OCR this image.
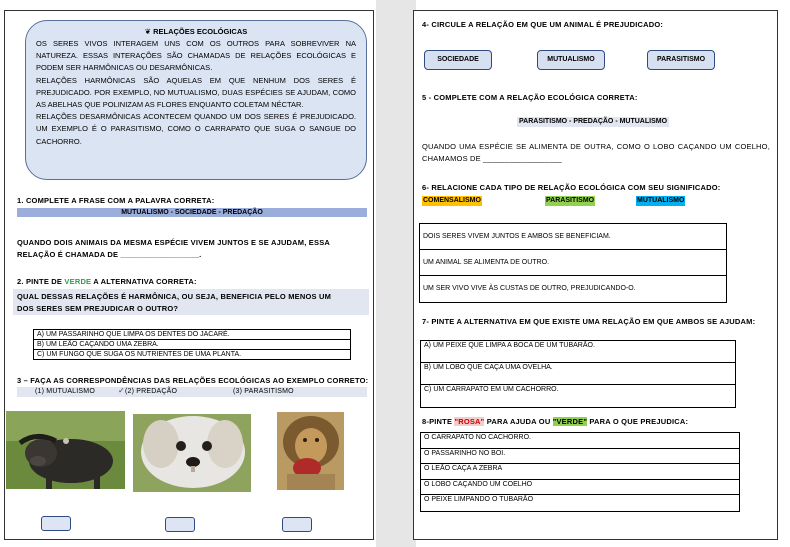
❦ RELAÇÕES ECOLÓGICAS

OS SERES VIVOS INTERAGEM UNS COM OS OUTROS PARA SOBREVIVER NA NATUREZA. ESSAS INTERAÇÕES SÃO CHAMADAS DE RELAÇÕES ECOLÓGICAS E PODEM SER HARMÔNICAS OU DESARMÔNICAS.

RELAÇÕES HARMÔNICAS SÃO AQUELAS EM QUE NENHUM DOS SERES É PREJUDICADO. POR EXEMPLO, NO MUTUALISMO, DUAS ESPÉCIES SE AJUDAM, COMO AS ABELHAS QUE POLINIZAM AS FLORES ENQUANTO COLETAM NÉCTAR.

RELAÇÕES DESARMÔNICAS ACONTECEM QUANDO UM DOS SERES É PREJUDICADO. UM EXEMPLO É O PARASITISMO, COMO O CARRAPATO QUE SUGA O SANGUE DO CACHORRO.

1. COMPLETE A FRASE COM A PALAVRA CORRETA:
MUTUALISMO - SOCIEDADE - PREDAÇÃO
QUANDO DOIS ANIMAIS DA MESMA ESPÉCIE VIVEM JUNTOS E SE AJUDAM, ESSA RELAÇÃO É CHAMADA DE __________________.
2. PINTE DE VERDE A ALTERNATIVA CORRETA:
QUAL DESSAS RELAÇÕES É HARMÔNICA, OU SEJA, BENEFICIA PELO MENOS UM DOS SERES SEM PREJUDICAR O OUTRO?
A) UM PASSARINHO QUE LIMPA OS DENTES DO JACARÉ.
B) UM LEÃO CAÇANDO UMA ZEBRA.
C) UM FUNGO QUE SUGA OS NUTRIENTES DE UMA PLANTA.
3 – FAÇA AS CORRESPONDÊNCIAS DAS RELAÇÕES ECOLÓGICAS AO EXEMPLO CORRETO:
(1) MUTUALISMO	✓ (2) PREDAÇÃO	(3) PARASITISMO
4- CIRCULE A RELAÇÃO EM QUE UM ANIMAL É PREJUDICADO:
SOCIEDADE	MUTUALISMO	PARASITISMO
5 - COMPLETE COM A RELAÇÃO ECOLÓGICA CORRETA:
PARASITISMO - PREDAÇÃO - MUTUALISMO
QUANDO UMA ESPÉCIE SE ALIMENTA DE OUTRA, COMO O LOBO CAÇANDO UM COELHO, CHAMAMOS DE __________________
6- RELACIONE CADA TIPO DE RELAÇÃO ECOLÓGICA COM SEU SIGNIFICADO:
COMENSALISMO	PARASITISMO	MUTUALISMO
DOIS SERES VIVEM JUNTOS E AMBOS SE BENEFICIAM.
UM ANIMAL SE ALIMENTA DE OUTRO.
UM SER VIVO VIVE ÀS CUSTAS DE OUTRO, PREJUDICANDO-O.
7- PINTE A ALTERNATIVA EM QUE EXISTE UMA RELAÇÃO EM QUE AMBOS SE AJUDAM:
A) UM PEIXE QUE LIMPA A BOCA DE UM TUBARÃO.
B) UM LOBO QUE CAÇA UMA OVELHA.
C) UM CARRAPATO EM UM CACHORRO.
8-PINTE "ROSA" PARA AJUDA OU "VERDE" PARA O QUE PREJUDICA:
O CARRAPATO NO CACHORRO.
O PASSARINHO NO BOI.
O LEÃO CAÇA A ZEBRA
O LOBO CAÇANDO UM COELHO
O PEIXE LIMPANDO O TUBARÃO
